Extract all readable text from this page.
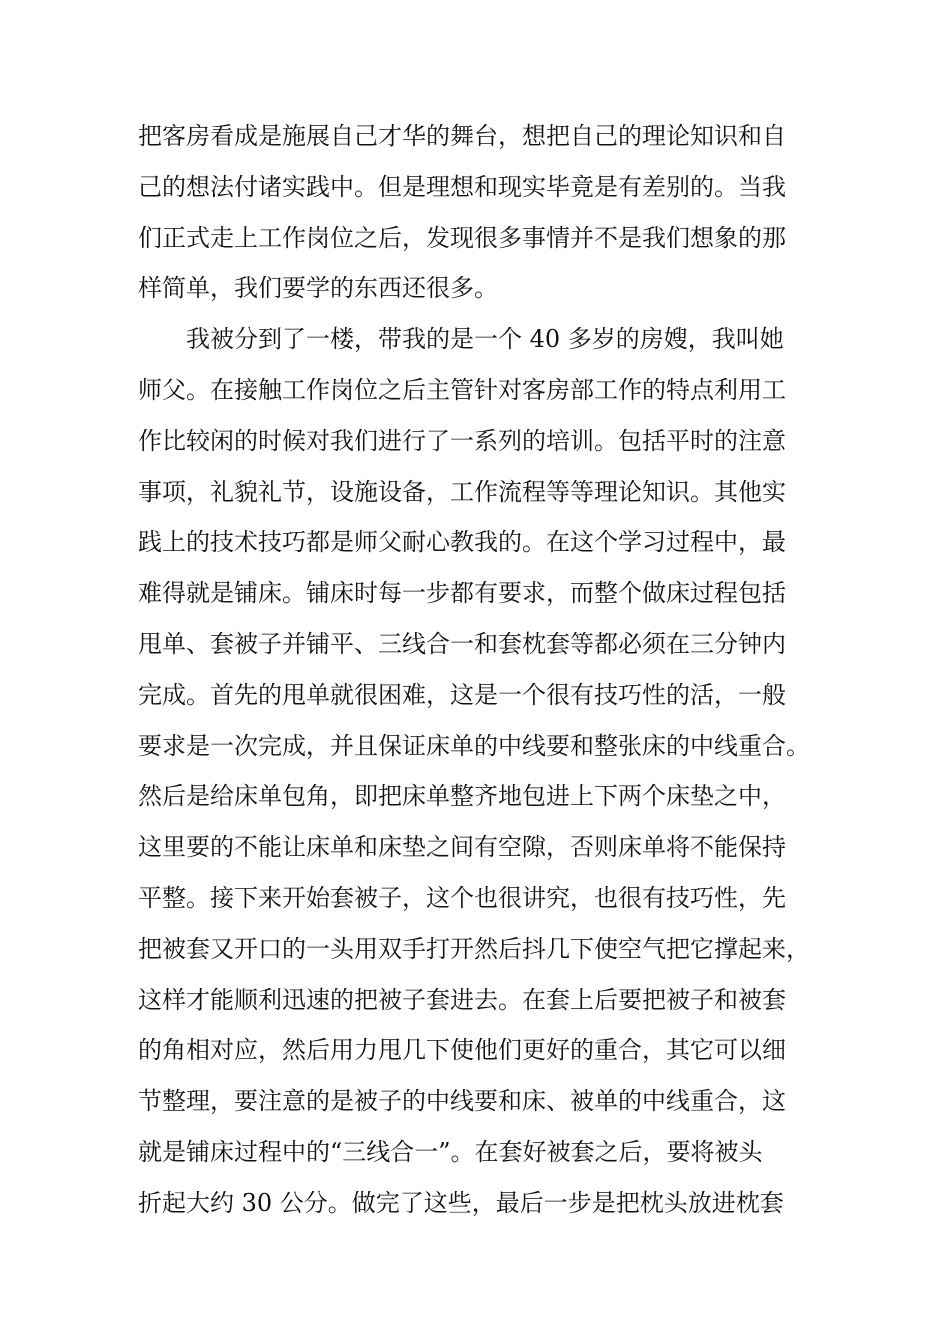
把客房看成是施展自己才华的舞台，想把自己的理论知识和自
己的想法付诸实践中。但是理想和现实毕竟是有差别的。当我
们正式走上工作岗位之后，发现很多事情并不是我们想象的那
样简单，我们要学的东西还很多。
我被分到了一楼，带我的是一个 40 多岁的房嫂，我叫她
师父。在接触工作岗位之后主管针对客房部工作的特点利用工
作比较闲的时候对我们进行了一系列的培训。包括平时的注意
事项，礼貌礼节，设施设备，工作流程等等理论知识。其他实
践上的技术技巧都是师父耐心教我的。在这个学习过程中，最
难得就是铺床。铺床时每一步都有要求，而整个做床过程包括
甩单、套被子并铺平、三线合一和套枕套等都必须在三分钟内
完成。首先的甩单就很困难，这是一个很有技巧性的活，一般
要求是一次完成，并且保证床单的中线要和整张床的中线重合。
然后是给床单包角，即把床单整齐地包进上下两个床垫之中，
这里要的不能让床单和床垫之间有空隙，否则床单将不能保持
平整。接下来开始套被子，这个也很讲究，也很有技巧性，先
把被套又开口的一头用双手打开然后抖几下使空气把它撑起来，
这样才能顺利迅速的把被子套进去。在套上后要把被子和被套
的角相对应，然后用力甩几下使他们更好的重合，其它可以细
节整理，要注意的是被子的中线要和床、被单的中线重合，这
就是铺床过程中的“三线合一”。在套好被套之后，要将被头
折起大约 30 公分。做完了这些，最后一步是把枕头放进枕套
